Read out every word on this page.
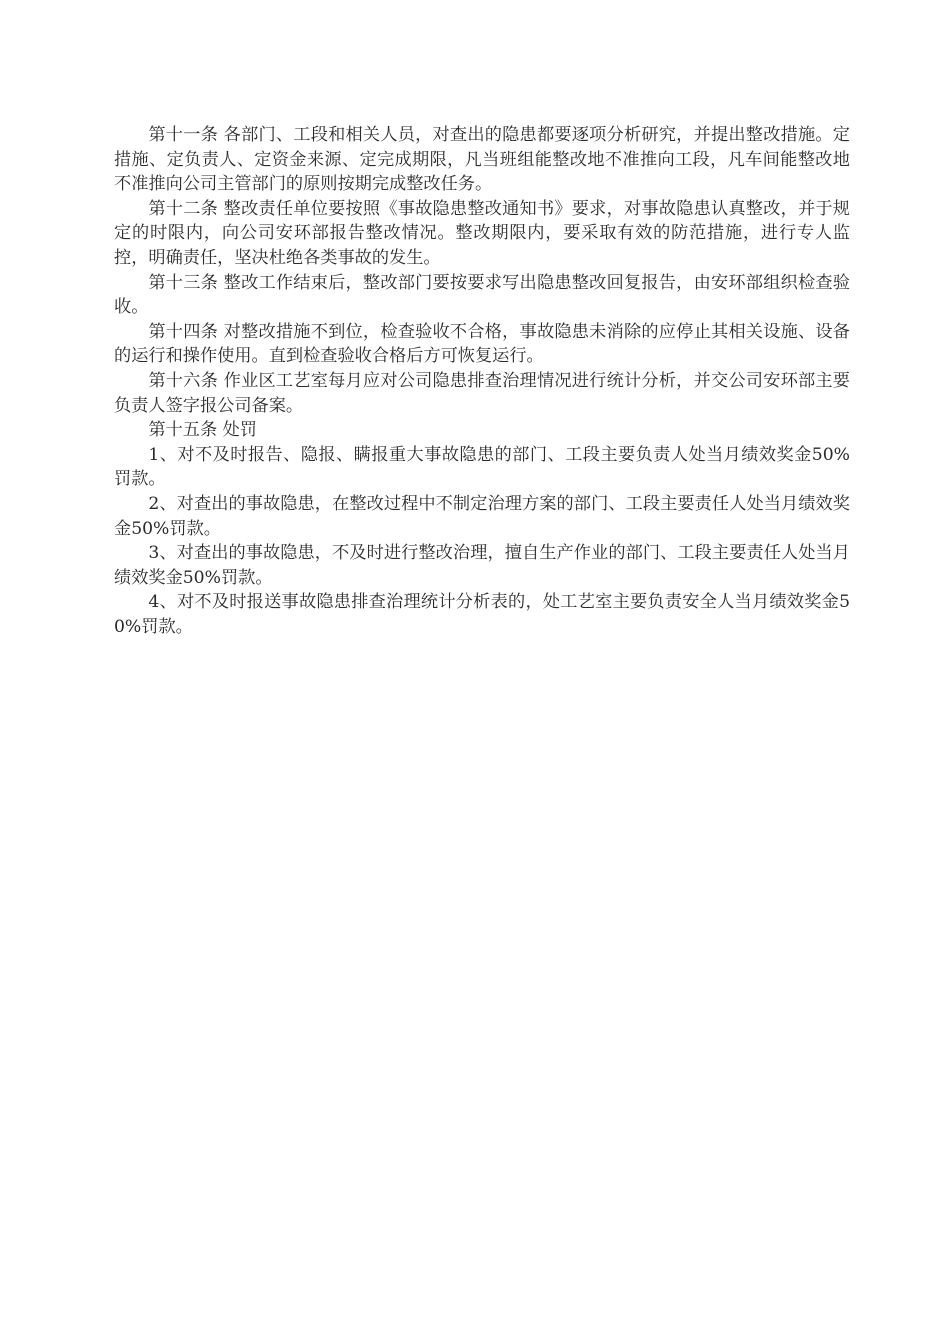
第十一条 各部门、工段和相关人员，对查出的隐患都要逐项分析研究，并提出整改措施。定措施、定负责人、定资金来源、定完成期限，凡当班组能整改地不准推向工段，凡车间能整改地不准推向公司主管部门的原则按期完成整改任务。

第十二条 整改责任单位要按照《事故隐患整改通知书》要求，对事故隐患认真整改，并于规定的时限内，向公司安环部报告整改情况。整改期限内，要采取有效的防范措施，进行专人监控，明确责任，坚决杜绝各类事故的发生。

第十三条 整改工作结束后，整改部门要按要求写出隐患整改回复报告，由安环部组织检查验收。

第十四条 对整改措施不到位，检查验收不合格，事故隐患未消除的应停止其相关设施、设备的运行和操作使用。直到检查验收合格后方可恢复运行。

第十六条 作业区工艺室每月应对公司隐患排查治理情况进行统计分析，并交公司安环部主要负责人签字报公司备案。

第十五条 处罚

1、对不及时报告、隐报、瞒报重大事故隐患的部门、工段主要负责人处当月绩效奖金50%罚款。

2、对查出的事故隐患，在整改过程中不制定治理方案的部门、工段主要责任人处当月绩效奖金50%罚款。

3、对查出的事故隐患，不及时进行整改治理，擅自生产作业的部门、工段主要责任人处当月绩效奖金50%罚款。

4、对不及时报送事故隐患排查治理统计分析表的，处工艺室主要负责安全人当月绩效奖金50%罚款。
